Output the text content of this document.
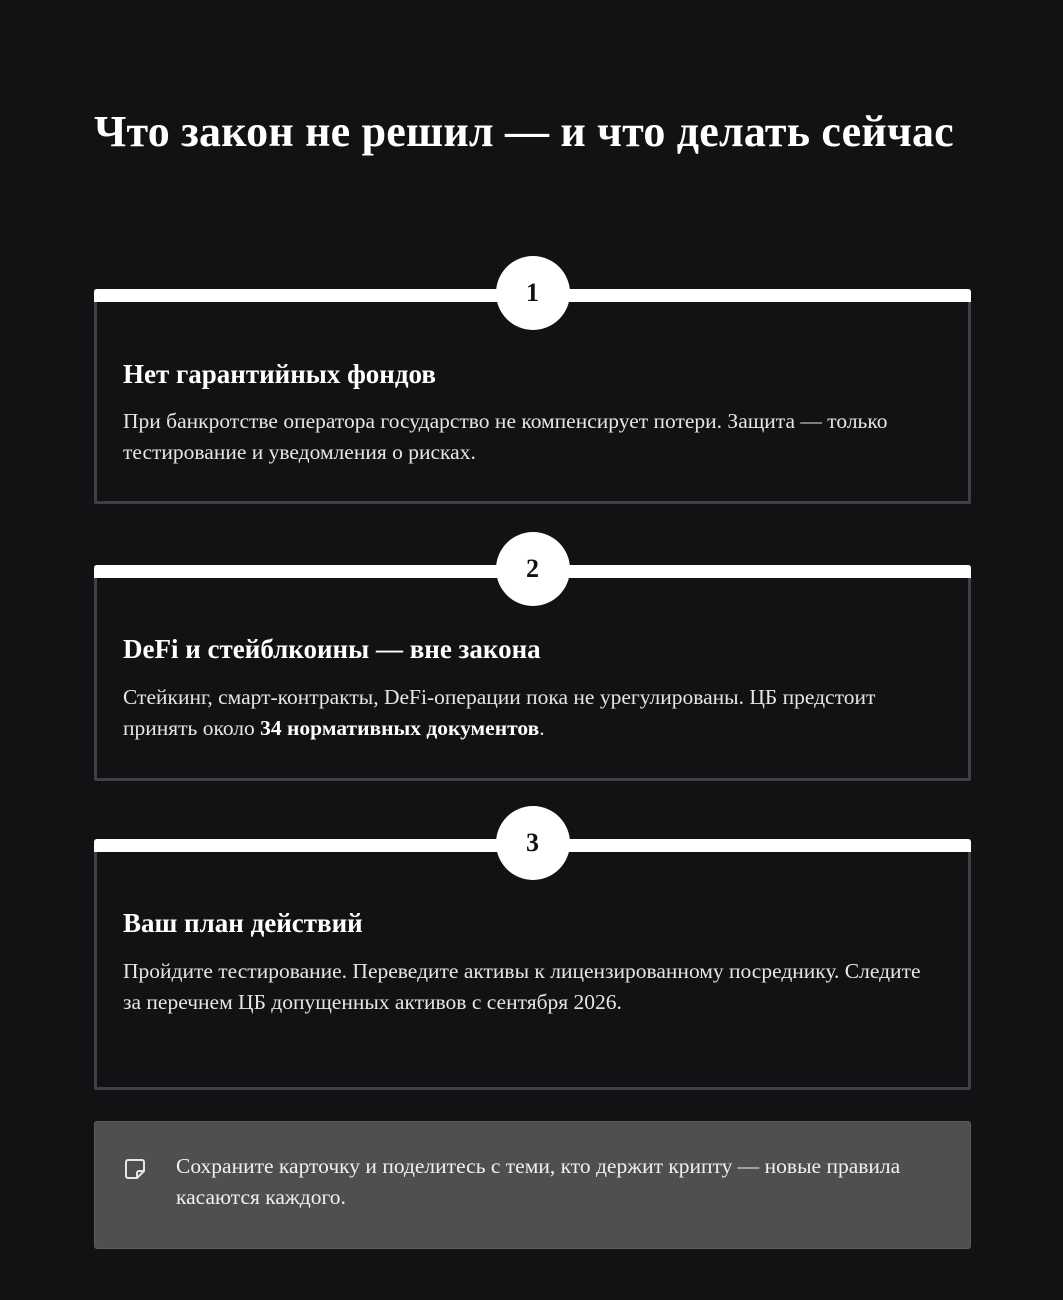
Что закон не решил — и что делать сейчас
1
Нет гарантийных фондов

При банкротстве оператора государство не компенсирует потери. Защита — только тестирование и уведомления о рисках.

2
DeFi и стейблкоины — вне закона

Стейкинг, смарт-контракты, DeFi-операции пока не урегулированы. ЦБ предстоит принять около 34 нормативных документов.

3
Ваш план действий

Пройдите тестирование. Переведите активы к лицензированному посреднику. Следите за перечнем ЦБ допущенных активов с сентября 2026.

Сохраните карточку и поделитесь с теми, кто держит крипту — новые правила касаются каждого.
